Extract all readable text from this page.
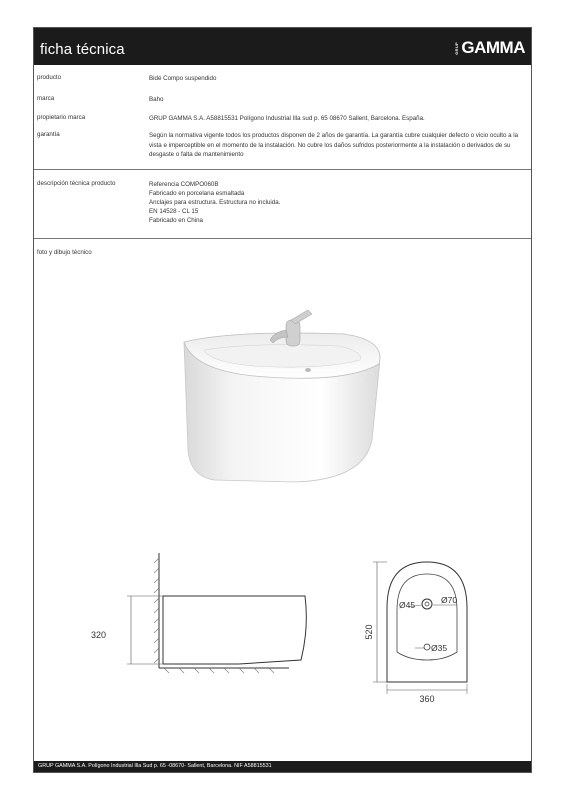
ficha técnica	GRUP GAMMA
producto	Bidé Compo suspendido
marca	Baho
propietario marca	GRUP GAMMA S.A. A58815531 Polígono Industrial Illa sud p. 65 08670 Sallent, Barcelona. España.
garantía	Según la normativa vigente todos los productos disponen de 2 años de garantía. La garantía cubre cualquier defecto o vicio oculto a la vista e imperceptible en el momento de la instalación. No cubre los daños sufridos posteriormente a la instalación o derivados de su desgaste o falta de mantenimiento
descripción técnica producto	Referencia COMPO060B
Fabricado en porcelana esmaltada
Anclajes para estructura. Estructura no incluida.
EN 14528 - CL 15
Fabricado en China
foto y dibujo técnico
320	520
360
Ø45	Ø70
Ø35
GRUP GAMMA S.A. Polígono Industrial Illa Sud p. 65 -08670- Sallent, Barcelona. NIF A58815531
